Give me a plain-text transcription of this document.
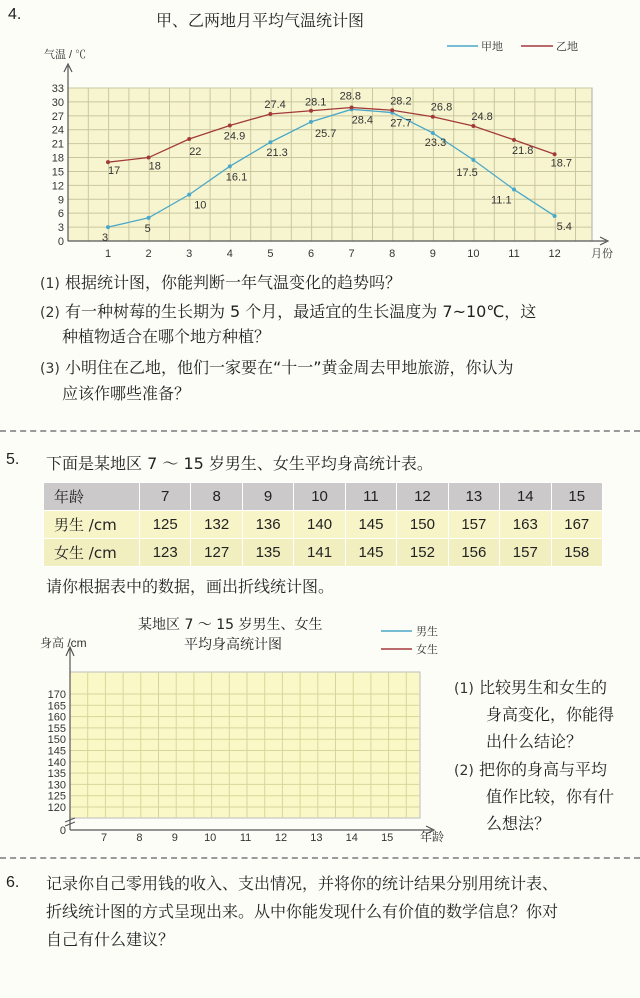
4.	甲、乙两地月平均气温统计图
0
3
6
9
12
15
18
21
24
27
30
33
1	2	3	4	5	6	7	8	9	10	11	12
3
5
10
16.1
21.3
25.7
28.4 27.7
23.3
17.5
11.1
5.4
17	18
22
24.9
27.4 28.1
28.8	28.2
26.8
24.8
21.8
18.7
气温 / ℃
月份
甲地	乙地
(1) 根据统计图，你能判断一年气温变化的趋势吗？
(2) 有一种树莓的生长期为 5 个月，最适宜的生长温度为 7~10℃，这
种植物适合在哪个地方种植？
(3) 小明住在乙地，他们一家要在“十一”黄金周去甲地旅游，你认为
应该作哪些准备？
5. 下面是某地区 7 ～ 15 岁男生、女生平均身高统计表。
年龄	7	8	9	10	11	12	13	14	15
男生 /cm	125	132	136	140	145	150	157	163	167
女生 /cm	123	127	135	141	145	152	156	157	158
请你根据表中的数据，画出折线统计图。
某地区 7 ～ 15 岁男生、女生
平均身高统计图
男生
女生
身高 /cm
0
120
125
130
135
140
145
150
155
160
165
170
7	8	9 10 11 12 13 14 15 年龄
(1) 比较男生和女生的
身高变化，你能得
出什么结论？
(2) 把你的身高与平均
值作比较，你有什
么想法？
6. 记录你自己零用钱的收入、支出情况，并将你的统计结果分别用统计表、
折线统计图的方式呈现出来。从中你能发现什么有价值的数学信息？你对
自己有什么建议？
